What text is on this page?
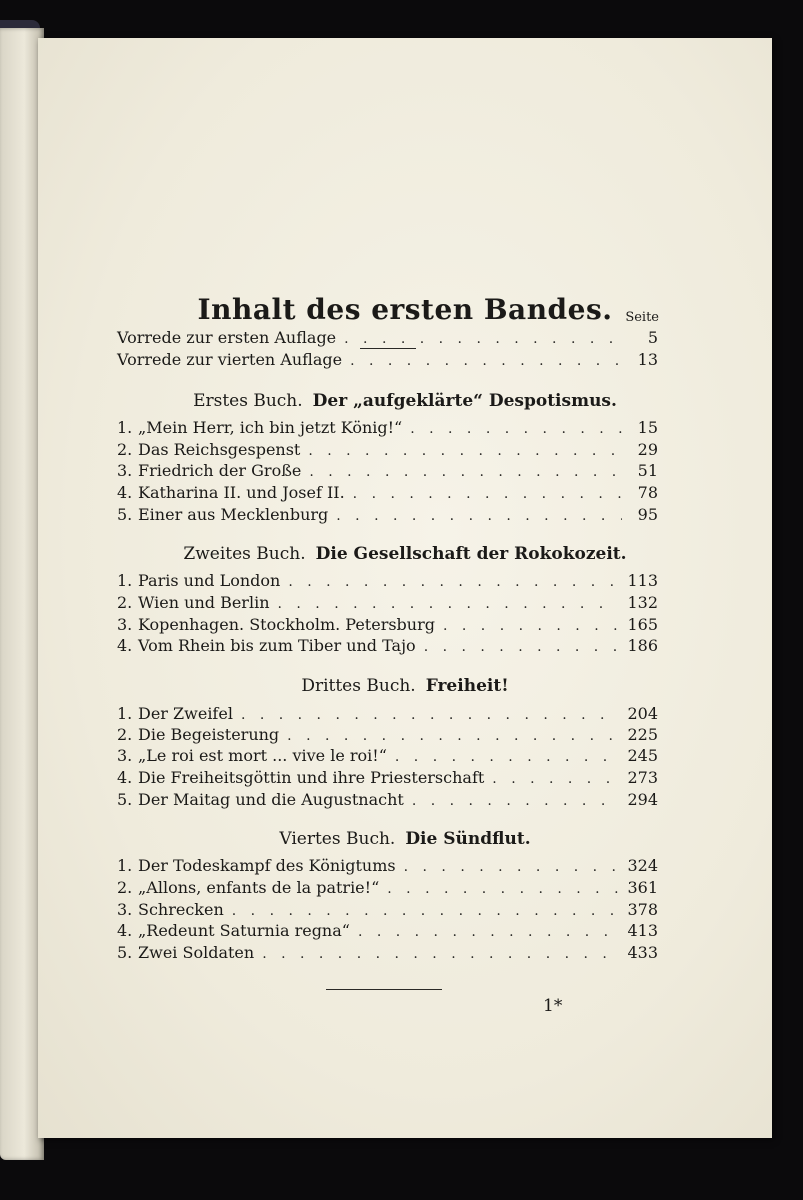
Inhalt des ersten Bandes. Seite
Vorrede zur ersten Auflage . . .	5
Vorrede zur vierten Auflage . . .	13
Erstes Buch. Der „aufgeklärte“ Despotismus.
1. „Mein Herr, ich bin jetzt König!“ . . .	15
2. Das Reichsgespenst . . .	29
3. Friedrich der Große . . .	51
4. Katharina II. und Josef II. . . .	78
5. Einer aus Mecklenburg . . .	95
Zweites Buch. Die Gesellschaft der Rokokozeit.
1. Paris und London . . .	113
2. Wien und Berlin . . .	132
3. Kopenhagen. Stockholm. Petersburg . . .	165
4. Vom Rhein bis zum Tiber und Tajo . . .	186
Drittes Buch. Freiheit!
1. Der Zweifel . . .	204
2. Die Begeisterung . . .	225
3. „Le roi est mort ... vive le roi!“ . . .	245
4. Die Freiheitsgöttin und ihre Priesterschaft . . .	273
5. Der Maitag und die Augustnacht . . .	294
Viertes Buch. Die Sündflut.
1. Der Todeskampf des Königtums . . .	324
2. „Allons, enfants de la patrie!“ . . .	361
3. Schrecken . . .	378
4. „Redeunt Saturnia regna“ . . .	413
5. Zwei Soldaten . . .	433
1*
